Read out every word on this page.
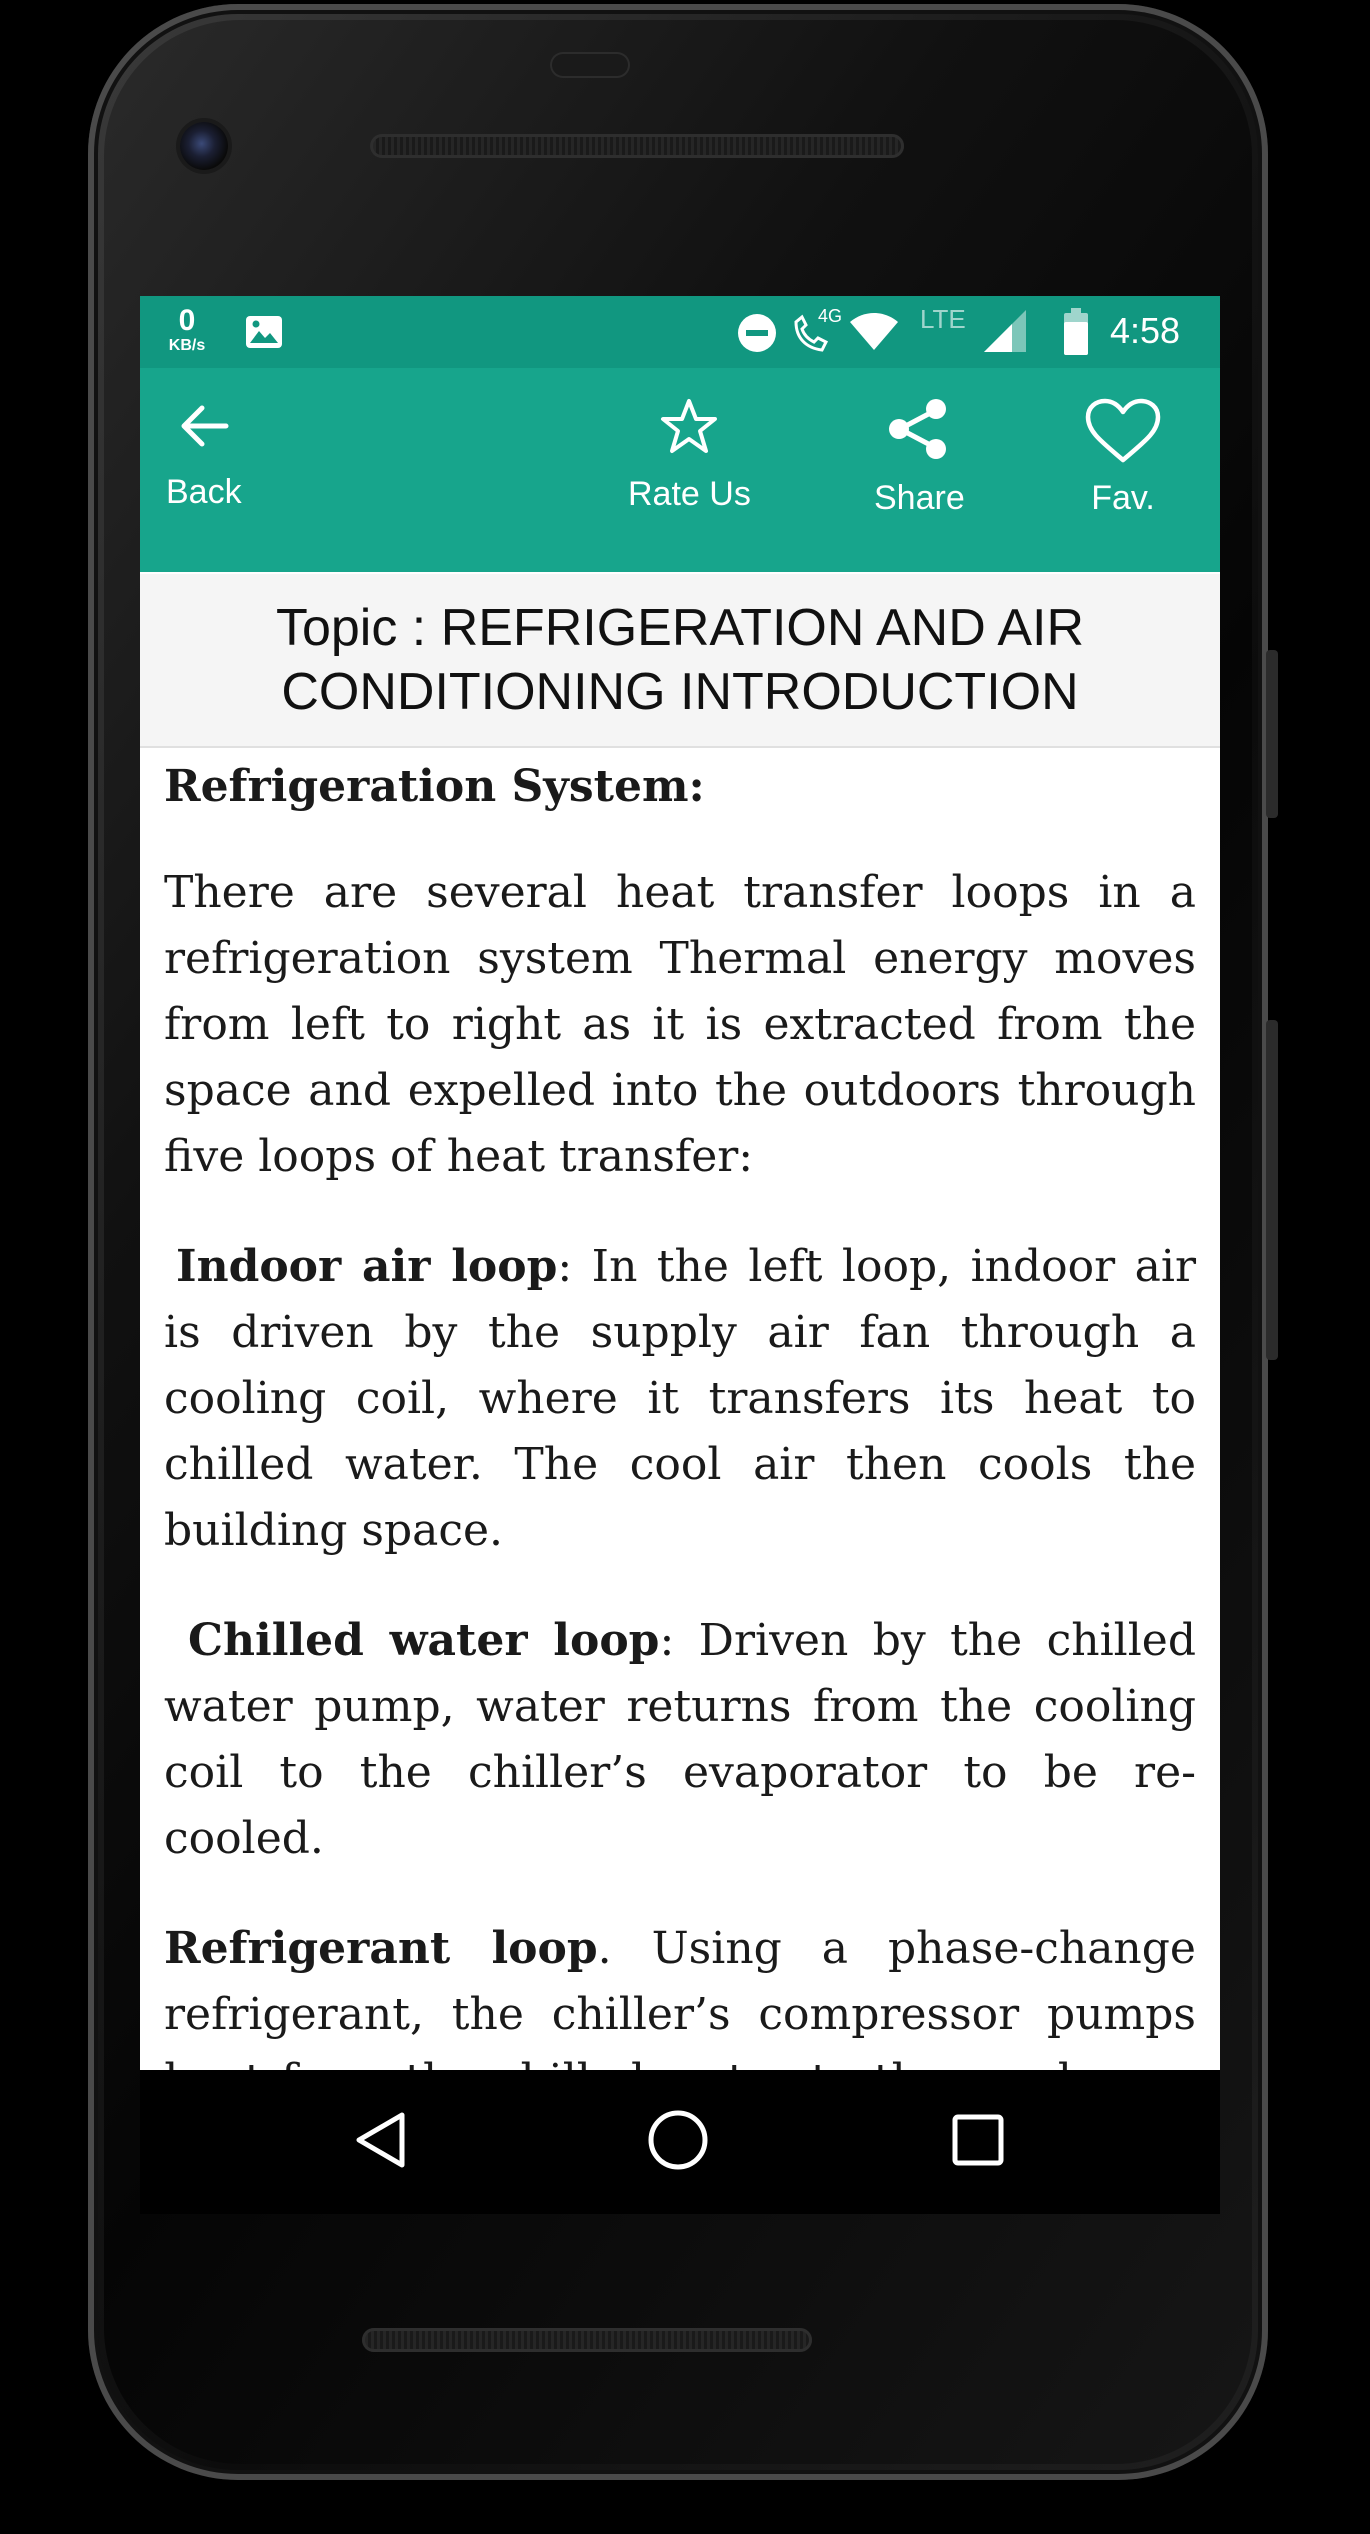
0
KB/s
4G	LTE	4:58
Back	Rate Us	Share	Fav.
Topic : REFRIGERATION AND AIR CONDITIONING INTRODUCTION

Refrigeration System:

There are several heat transfer loops in a refrigeration system Thermal energy moves from left to right as it is extracted from the space and expelled into the outdoors through five loops of heat transfer:

Indoor air loop: In the left loop, indoor air is driven by the supply air fan through a cooling coil, where it transfers its heat to chilled water. The cool air then cools the building space.

Chilled water loop: Driven by the chilled water pump, water returns from the cooling coil to the chiller’s evaporator to be re-cooled.

Refrigerant loop. Using a phase-change refrigerant, the chiller’s compressor pumps
